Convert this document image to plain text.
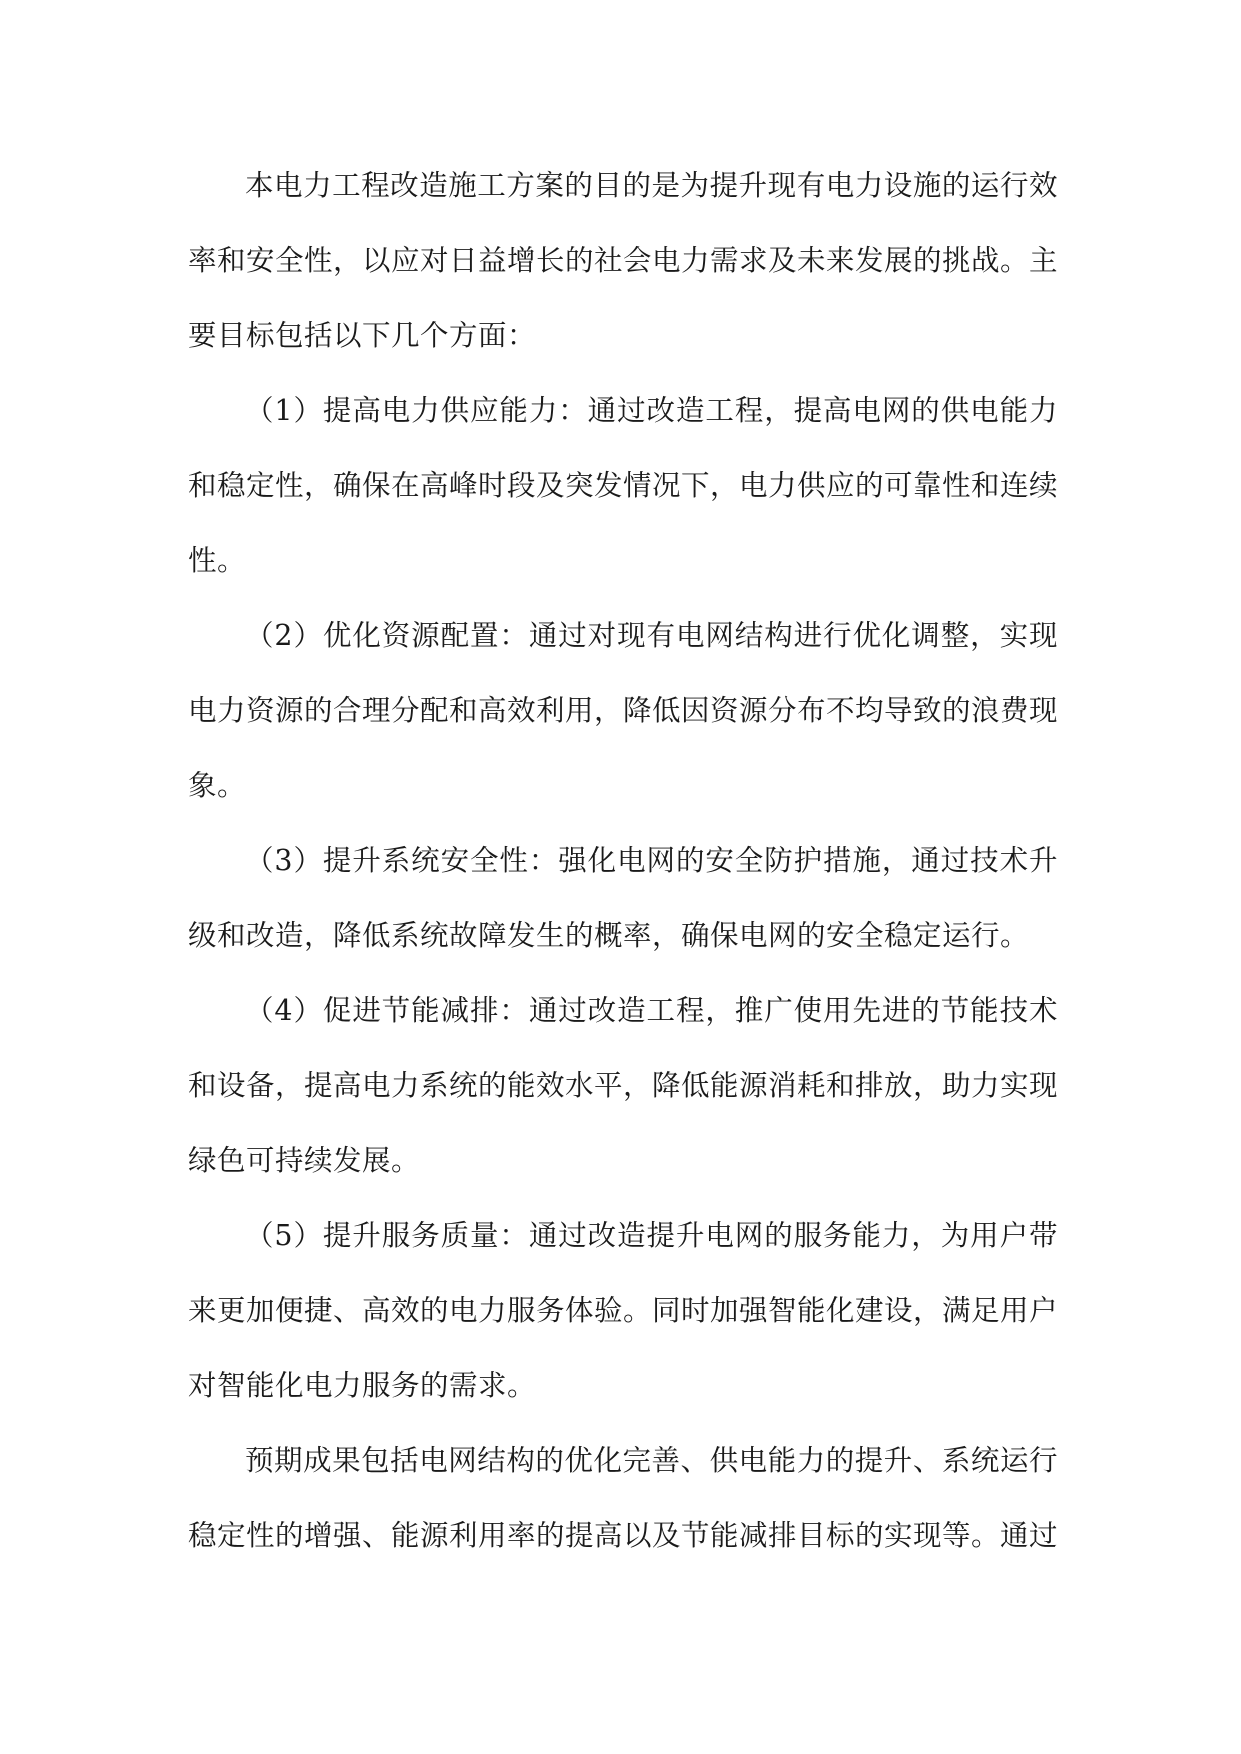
本电力工程改造施工方案的目的是为提升现有电力设施的运行效率和安全性，以应对日益增长的社会电力需求及未来发展的挑战。主要目标包括以下几个方面：

（1）提高电力供应能力：通过改造工程，提高电网的供电能力和稳定性，确保在高峰时段及突发情况下，电力供应的可靠性和连续性。

（2）优化资源配置：通过对现有电网结构进行优化调整，实现电力资源的合理分配和高效利用，降低因资源分布不均导致的浪费现象。

（3）提升系统安全性：强化电网的安全防护措施，通过技术升级和改造，降低系统故障发生的概率，确保电网的安全稳定运行。

（4）促进节能减排：通过改造工程，推广使用先进的节能技术和设备，提高电力系统的能效水平，降低能源消耗和排放，助力实现绿色可持续发展。

（5）提升服务质量：通过改造提升电网的服务能力，为用户带来更加便捷、高效的电力服务体验。同时加强智能化建设，满足用户对智能化电力服务的需求。

预期成果包括电网结构的优化完善、供电能力的提升、系统运行稳定性的增强、能源利用率的提高以及节能减排目标的实现等。通过
